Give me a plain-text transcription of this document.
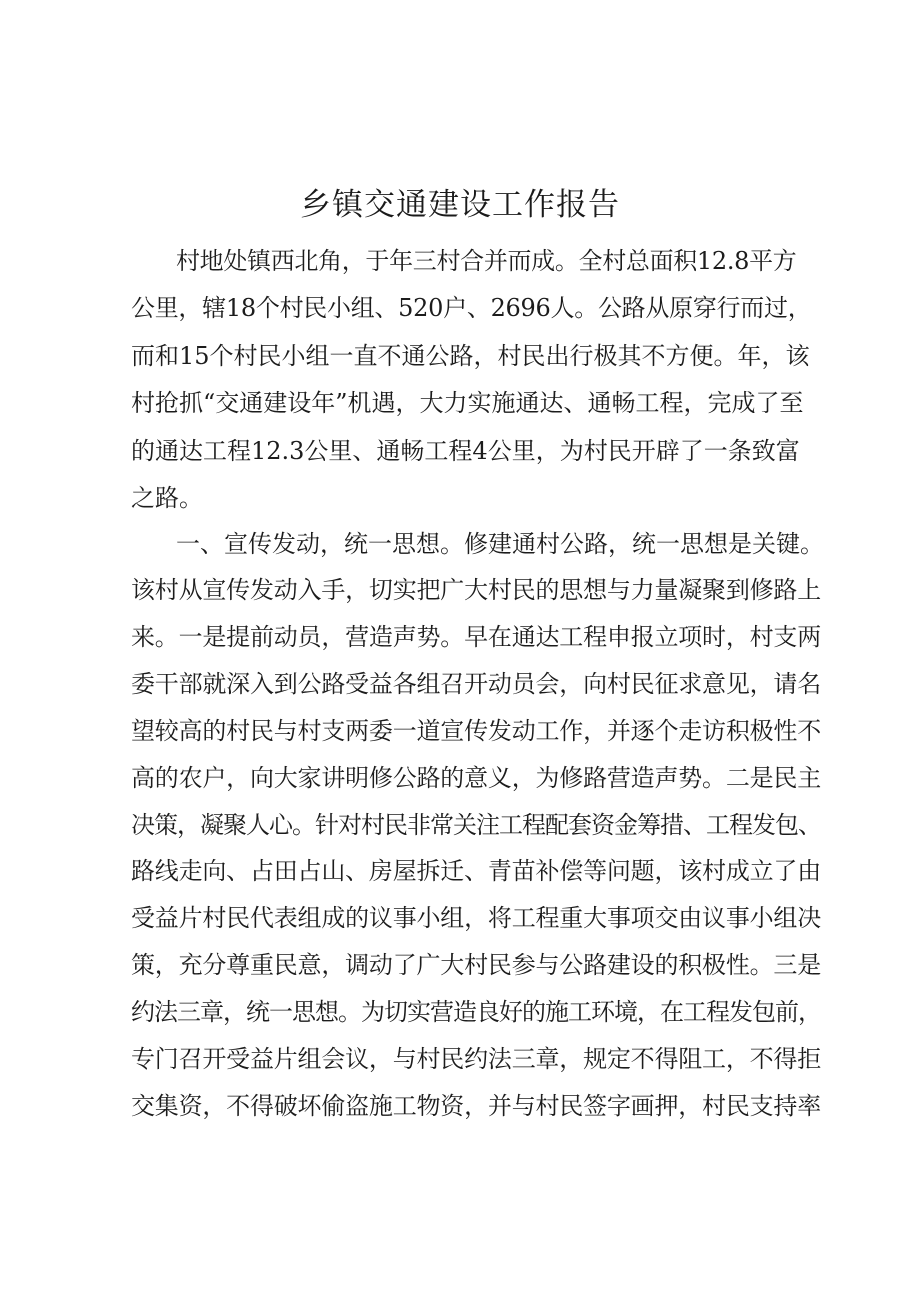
乡镇交通建设工作报告
村地处镇西北角，于年三村合并而成。全村总面积12.8平方
公里，辖18个村民小组、520户、2696人。公路从原穿行而过，
而和15个村民小组一直不通公路，村民出行极其不方便。年，该
村抢抓“交通建设年”机遇，大力实施通达、通畅工程，完成了至
的通达工程12.3公里、通畅工程4公里，为村民开辟了一条致富
之路。
一、宣传发动，统一思想。修建通村公路，统一思想是关键。
该村从宣传发动入手，切实把广大村民的思想与力量凝聚到修路上
来。一是提前动员，营造声势。早在通达工程申报立项时，村支两
委干部就深入到公路受益各组召开动员会，向村民征求意见，请名
望较高的村民与村支两委一道宣传发动工作，并逐个走访积极性不
高的农户，向大家讲明修公路的意义，为修路营造声势。二是民主
决策，凝聚人心。针对村民非常关注工程配套资金筹措、工程发包、
路线走向、占田占山、房屋拆迁、青苗补偿等问题，该村成立了由
受益片村民代表组成的议事小组，将工程重大事项交由议事小组决
策，充分尊重民意，调动了广大村民参与公路建设的积极性。三是
约法三章，统一思想。为切实营造良好的施工环境，在工程发包前，
专门召开受益片组会议，与村民约法三章，规定不得阻工，不得拒
交集资，不得破坏偷盗施工物资，并与村民签字画押，村民支持率
